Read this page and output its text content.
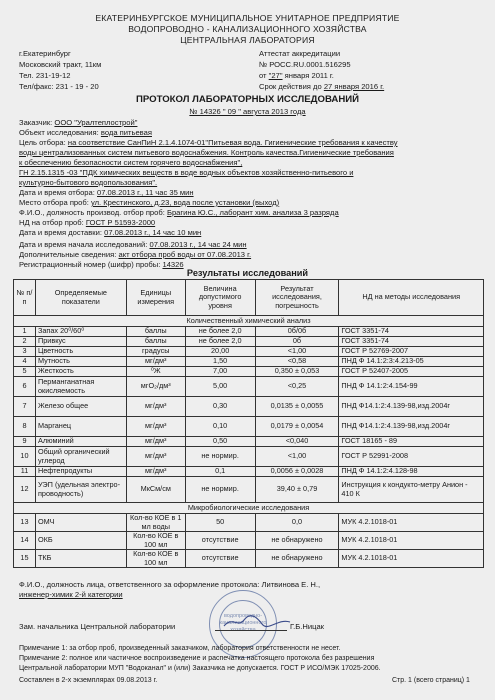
ЕКАТЕРИНБУРГСКОЕ МУНИЦИПАЛЬНОЕ УНИТАРНОЕ ПРЕДПРИЯТИЕ
ВОДОПРОВОДНО - КАНАЛИЗАЦИОННОГО ХОЗЯЙСТВА
ЦЕНТРАЛЬНАЯ ЛАБОРАТОРИЯ
г.Екатеринбург
Московский тракт, 11км
Тел. 231-19-12
Тел/факс: 231 - 19 - 20
Аттестат аккредитации
№ РОСС.RU.0001.516295
от "27" января 2011 г.
Срок действия до 27 января 2016 г.
ПРОТОКОЛ ЛАБОРАТОРНЫХ ИССЛЕДОВАНИЙ
№ 14326 " 09 " августа 2013 года
Заказчик: ООО "Уралтеплострой"
Объект исследования: вода питьевая
Цель отбора: на соответствие СанПиН 2.1.4.1074-01"Питьевая вода. Гигиенические требования к качеству
воды централизованных систем питьевого водоснабжения. Контроль качества.Гигиенические требования
к обеспечению безопасности систем горячего водоснабжения",
ГН 2.15.1315 -03 "ПДК химических веществ в воде водных объектов хозяйственно-питьевого и
культурно-бытового водопользования".
Дата и время отбора: 07.08.2013 г., 11 час 35 мин
Место отбора проб: ул. Крестинского, д.23, вода после установки (выход)
Ф.И.О., должность производ. отбор проб: Брагина Ю.С., лаборант хим. анализа 3 разряда
НД на отбор проб: ГОСТ Р 51593-2000
Дата и время доставки: 07.08.2013 г., 14 час 10 мин
Дата и время начала исследований: 07.08.2013 г., 14 час 24 мин
Дополнительные сведения: акт отбора проб воды от 07.08.2013 г.
Регистрационный номер (шифр) пробы: 14326
Результаты исследований
№ п/п	Определяемые показатели	Единицы измерения	Величина допустимого уровня	Результат исследования, погрешность	НД на методы исследования
Количественный химический анализ					
1	Запах 20⁰/60⁰	баллы	не более 2,0	0б/0б	ГОСТ 3351-74
2	Привкус	баллы	не более 2,0	0б	ГОСТ 3351-74
3	Цветность	градусы	20,00	<1,00	ГОСТ Р 52769-2007
4	Мутность	мг/дм³	1,50	<0,58	ПНД Ф 14.1:2:3:4.213-05
5	Жесткость	⁰Ж	7,00	0,350 ± 0,053	ГОСТ Р 52407-2005
6	Перманганатная окисляемость	мгО₂/дм³	5,00	<0,25	ПНД Ф 14.1:2:4.154-99
7	Железо общее	мг/дм³	0,30	0,0135 ± 0,0055	ПНД Ф14.1:2:4.139-98,изд.2004г
8	Марганец	мг/дм³	0,10	0,0179 ± 0,0054	ПНД Ф14.1:2:4.139-98,изд.2004г
9	Алюминий	мг/дм³	0,50	<0,040	ГОСТ 18165 - 89
10	Общий органический углерод	мг/дм³	не нормир.	<1,00	ГОСТ Р 52991-2008
11	Нефтепродукты	мг/дм³	0,1	0,0056 ± 0,0028	ПНД Ф 14.1:2:4.128-98
12	УЭП (удельная электро-проводность)	МкСм/см	не нормир.	39,40 ± 0,79	Инструкция к кондукто-метру Анион - 410 К
Микробиологические исследования					
13	ОМЧ	Кол-во КОЕ в 1 мл воды	50	0,0	МУК 4.2.1018-01
14	ОКБ	Кол-во КОЕ в 100 мл	отсутствие	не обнаружено	МУК 4.2.1018-01
15	ТКБ	Кол-во КОЕ в 100 мл	отсутствие	не обнаружено	МУК 4.2.1018-01
Ф.И.О., должность лица, ответственного за оформление протокола: Литвинова Е. Н.,
инженер-химик 2-й категории
водопроводно-канализационного хозяйства
Зам. начальника Центральной лаборатории	Г.Б.Ницак
Примечание 1: за отбор проб, произведенный заказчиком, лаборатория ответственности не несет.
Примечание 2: полное или частичное воспроизведение и распечатка настоящего протокола без разрешения
Центральной лаборатории МУП "Водоканал" и (или) Заказчика не допускается. ГОСТ Р ИСО/МЭК 17025-2006.
Составлен в 2-х экземплярах 09.08.2013 г.	Стр. 1 (всего страниц) 1
